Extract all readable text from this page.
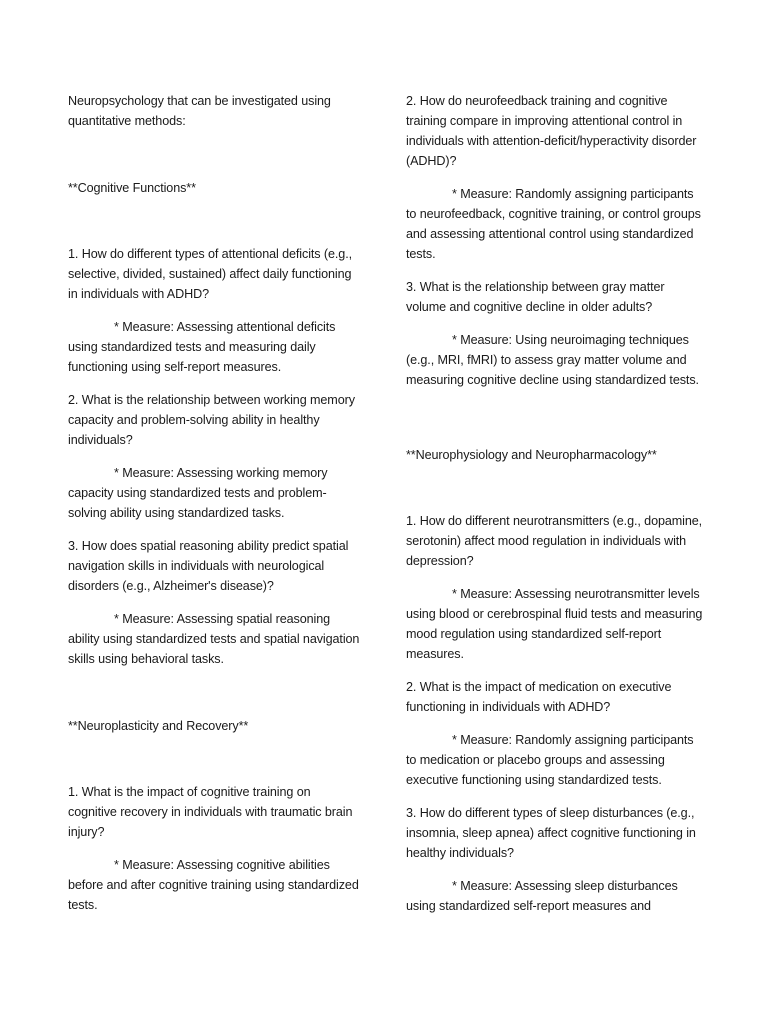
Neuropsychology that can be investigated using quantitative methods:

**Cognitive Functions**

1. How do different types of attentional deficits (e.g., selective, divided, sustained) affect daily functioning in individuals with ADHD?

* Measure: Assessing attentional deficits using standardized tests and measuring daily functioning using self-report measures.

2. What is the relationship between working memory capacity and problem-solving ability in healthy individuals?

* Measure: Assessing working memory capacity using standardized tests and problem-solving ability using standardized tasks.

3. How does spatial reasoning ability predict spatial navigation skills in individuals with neurological disorders (e.g., Alzheimer's disease)?

* Measure: Assessing spatial reasoning ability using standardized tests and spatial navigation skills using behavioral tasks.

**Neuroplasticity and Recovery**

1. What is the impact of cognitive training on cognitive recovery in individuals with traumatic brain injury?

* Measure: Assessing cognitive abilities before and after cognitive training using standardized tests.

2. How do neurofeedback training and cognitive training compare in improving attentional control in individuals with attention-deficit/hyperactivity disorder (ADHD)?

* Measure: Randomly assigning participants to neurofeedback, cognitive training, or control groups and assessing attentional control using standardized tests.

3. What is the relationship between gray matter volume and cognitive decline in older adults?

* Measure: Using neuroimaging techniques (e.g., MRI, fMRI) to assess gray matter volume and measuring cognitive decline using standardized tests.

**Neurophysiology and Neuropharmacology**

1. How do different neurotransmitters (e.g., dopamine, serotonin) affect mood regulation in individuals with depression?

* Measure: Assessing neurotransmitter levels using blood or cerebrospinal fluid tests and measuring mood regulation using standardized self-report measures.

2. What is the impact of medication on executive functioning in individuals with ADHD?

* Measure: Randomly assigning participants to medication or placebo groups and assessing executive functioning using standardized tests.

3. How do different types of sleep disturbances (e.g., insomnia, sleep apnea) affect cognitive functioning in healthy individuals?

* Measure: Assessing sleep disturbances using standardized self-report measures and
